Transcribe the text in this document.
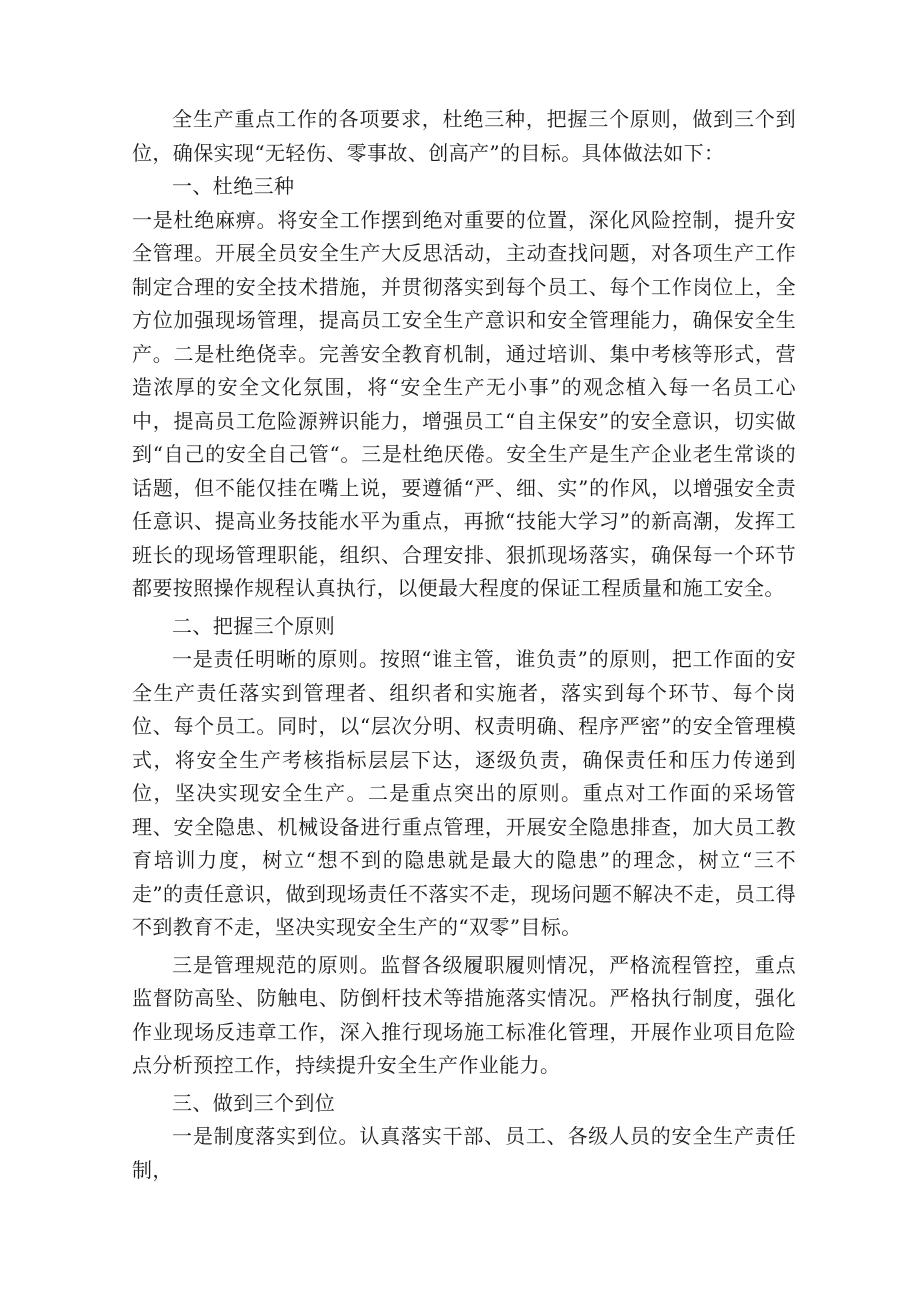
全生产重点工作的各项要求，杜绝三种，把握三个原则，做到三个到位，确保实现“无轻伤、零事故、创高产”的目标。具体做法如下：

一、杜绝三种

一是杜绝麻痹。将安全工作摆到绝对重要的位置，深化风险控制，提升安全管理。开展全员安全生产大反思活动，主动查找问题，对各项生产工作制定合理的安全技术措施，并贯彻落实到每个员工、每个工作岗位上，全方位加强现场管理，提高员工安全生产意识和安全管理能力，确保安全生产。二是杜绝侥幸。完善安全教育机制，通过培训、集中考核等形式，营造浓厚的安全文化氛围，将“安全生产无小事”的观念植入每一名员工心中，提高员工危险源辨识能力，增强员工“自主保安”的安全意识，切实做到“自己的安全自己管“。三是杜绝厌倦。安全生产是生产企业老生常谈的话题，但不能仅挂在嘴上说，要遵循“严、细、实”的作风，以增强安全责任意识、提高业务技能水平为重点，再掀“技能大学习”的新高潮，发挥工班长的现场管理职能，组织、合理安排、狠抓现场落实，确保每一个环节都要按照操作规程认真执行，以便最大程度的保证工程质量和施工安全。

二、把握三个原则

一是责任明晰的原则。按照“谁主管，谁负责”的原则，把工作面的安全生产责任落实到管理者、组织者和实施者，落实到每个环节、每个岗位、每个员工。同时，以“层次分明、权责明确、程序严密”的安全管理模式，将安全生产考核指标层层下达，逐级负责，确保责任和压力传递到位，坚决实现安全生产。二是重点突出的原则。重点对工作面的采场管理、安全隐患、机械设备进行重点管理，开展安全隐患排查，加大员工教育培训力度，树立“想不到的隐患就是最大的隐患”的理念，树立“三不走”的责任意识，做到现场责任不落实不走，现场问题不解决不走，员工得不到教育不走，坚决实现安全生产的“双零”目标。

三是管理规范的原则。监督各级履职履则情况，严格流程管控，重点监督防高坠、防触电、防倒杆技术等措施落实情况。严格执行制度，强化作业现场反违章工作，深入推行现场施工标准化管理，开展作业项目危险点分析预控工作，持续提升安全生产作业能力。

三、做到三个到位

一是制度落实到位。认真落实干部、员工、各级人员的安全生产责任制，
